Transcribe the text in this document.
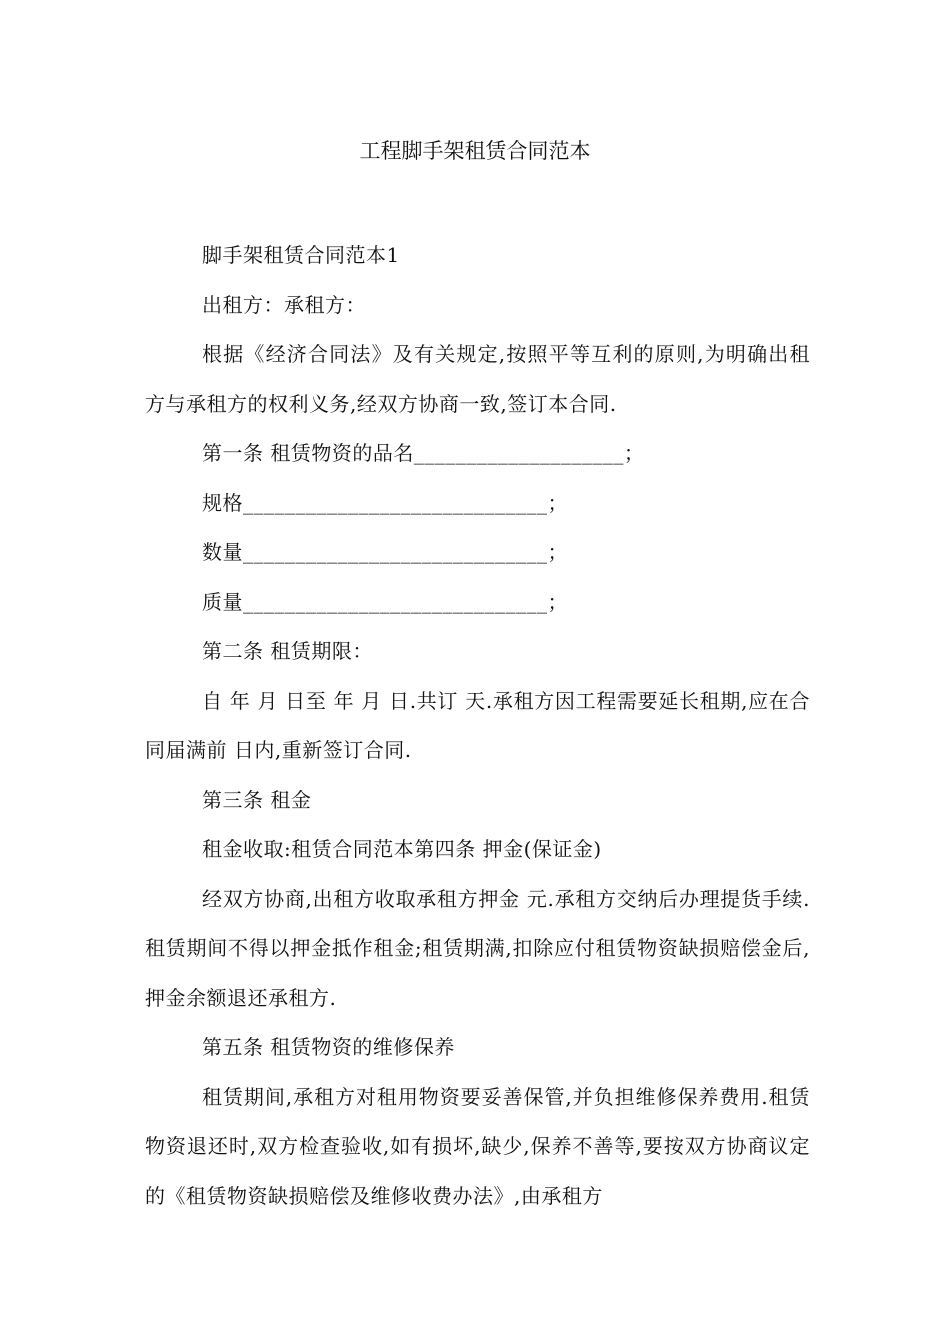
工程脚手架租赁合同范本

脚手架租赁合同范本1

出租方：承租方：

根据《经济合同法》及有关规定,按照平等互利的原则,为明确出租方与承租方的权利义务,经双方协商一致,签订本合同.

第一条 租赁物资的品名____________________；

规格_____________________________；

数量_____________________________；

质量_____________________________；

第二条 租赁期限：

自 年 月 日至 年 月 日.共订 天.承租方因工程需要延长租期,应在合同届满前 日内,重新签订合同.

第三条 租金

租金收取:租赁合同范本第四条 押金(保证金)

经双方协商,出租方收取承租方押金 元.承租方交纳后办理提货手续.租赁期间不得以押金抵作租金;租赁期满,扣除应付租赁物资缺损赔偿金后,押金余额退还承租方.

第五条 租赁物资的维修保养

租赁期间,承租方对租用物资要妥善保管,并负担维修保养费用.租赁物资退还时,双方检查验收,如有损坏,缺少,保养不善等,要按双方协商议定的《租赁物资缺损赔偿及维修收费办法》,由承租方
